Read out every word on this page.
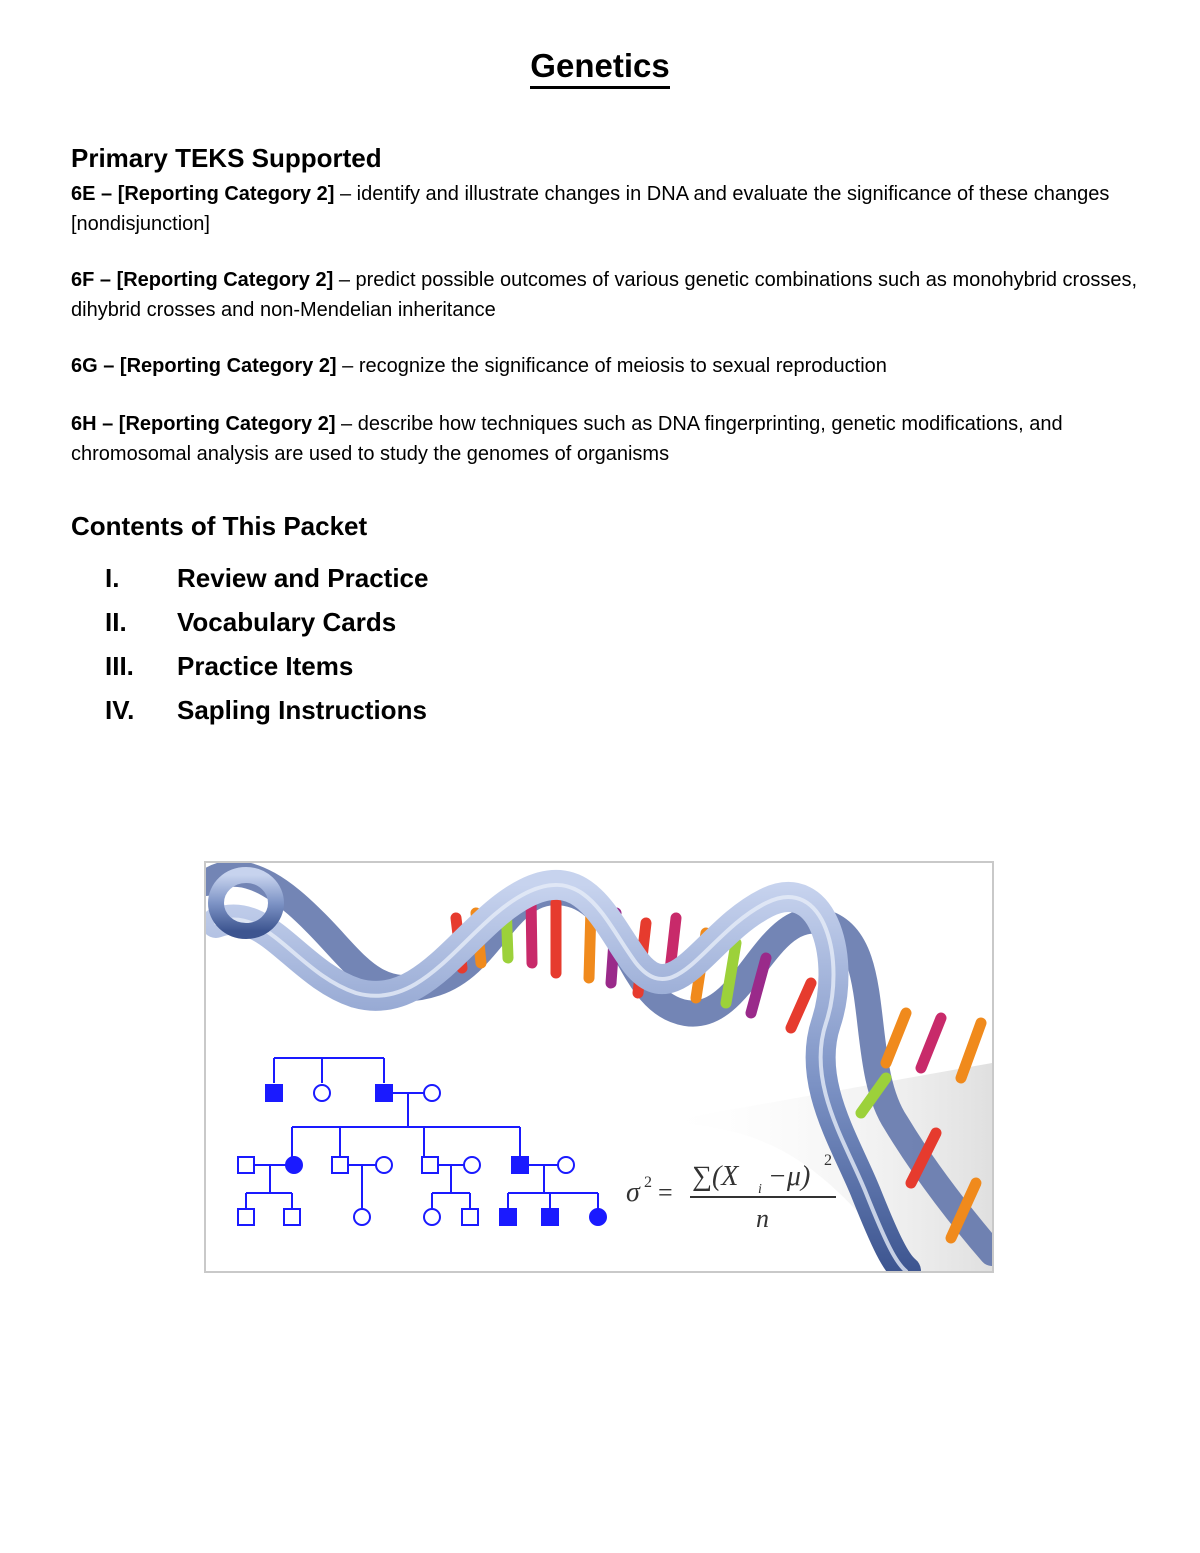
Genetics
Primary TEKS Supported
6E – [Reporting Category 2] – identify and illustrate changes in DNA and evaluate the significance of these changes [nondisjunction]
6F – [Reporting Category 2] – predict possible outcomes of various genetic combinations such as monohybrid crosses, dihybrid crosses and non-Mendelian inheritance
6G – [Reporting Category 2] – recognize the significance of meiosis to sexual reproduction
6H – [Reporting Category 2] – describe how techniques such as DNA fingerprinting, genetic modifications, and chromosomal analysis are used to study the genomes of organisms
Contents of This Packet
I.	Review and Practice
II.	Vocabulary Cards
III.	Practice Items
IV.	Sapling Instructions
σ 2 =
∑(X i −μ)
2
n
